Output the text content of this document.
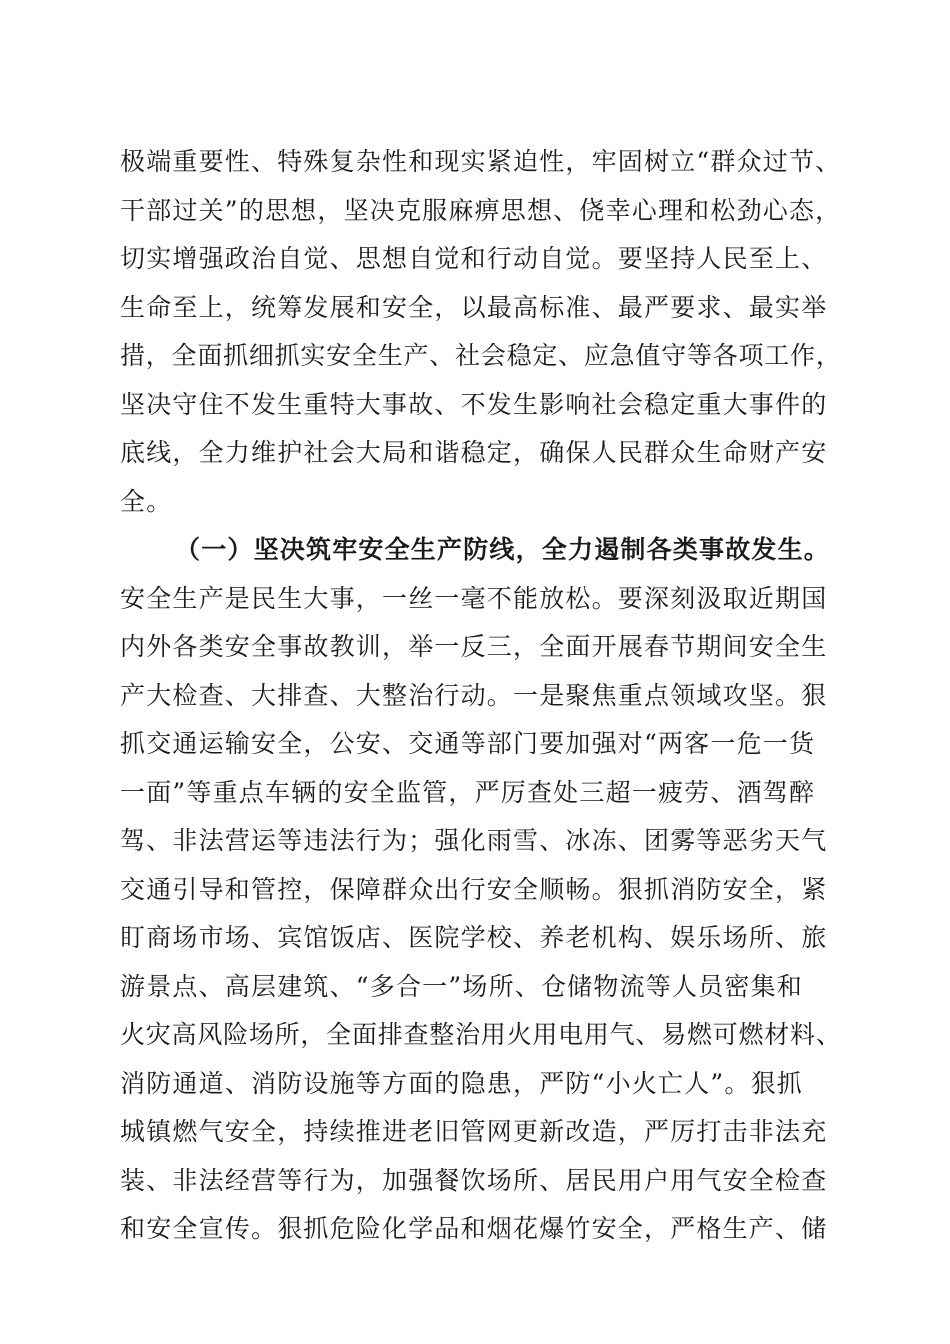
极端重要性、特殊复杂性和现实紧迫性，牢固树立“群众过节、
干部过关”的思想，坚决克服麻痹思想、侥幸心理和松劲心态，
切实增强政治自觉、思想自觉和行动自觉。要坚持人民至上、
生命至上，统筹发展和安全，以最高标准、最严要求、最实举
措，全面抓细抓实安全生产、社会稳定、应急值守等各项工作，
坚决守住不发生重特大事故、不发生影响社会稳定重大事件的
底线，全力维护社会大局和谐稳定，确保人民群众生命财产安
全。
（一）坚决筑牢安全生产防线，全力遏制各类事故发生。
安全生产是民生大事，一丝一毫不能放松。要深刻汲取近期国
内外各类安全事故教训，举一反三，全面开展春节期间安全生
产大检查、大排查、大整治行动。一是聚焦重点领域攻坚。狠
抓交通运输安全，公安、交通等部门要加强对“两客一危一货
一面”等重点车辆的安全监管，严厉查处三超一疲劳、酒驾醉
驾、非法营运等违法行为；强化雨雪、冰冻、团雾等恶劣天气
交通引导和管控，保障群众出行安全顺畅。狠抓消防安全，紧
盯商场市场、宾馆饭店、医院学校、养老机构、娱乐场所、旅
游景点、高层建筑、“多合一”场所、仓储物流等人员密集和
火灾高风险场所，全面排查整治用火用电用气、易燃可燃材料、
消防通道、消防设施等方面的隐患，严防“小火亡人”。狠抓
城镇燃气安全，持续推进老旧管网更新改造，严厉打击非法充
装、非法经营等行为，加强餐饮场所、居民用户用气安全检查
和安全宣传。狠抓危险化学品和烟花爆竹安全，严格生产、储
